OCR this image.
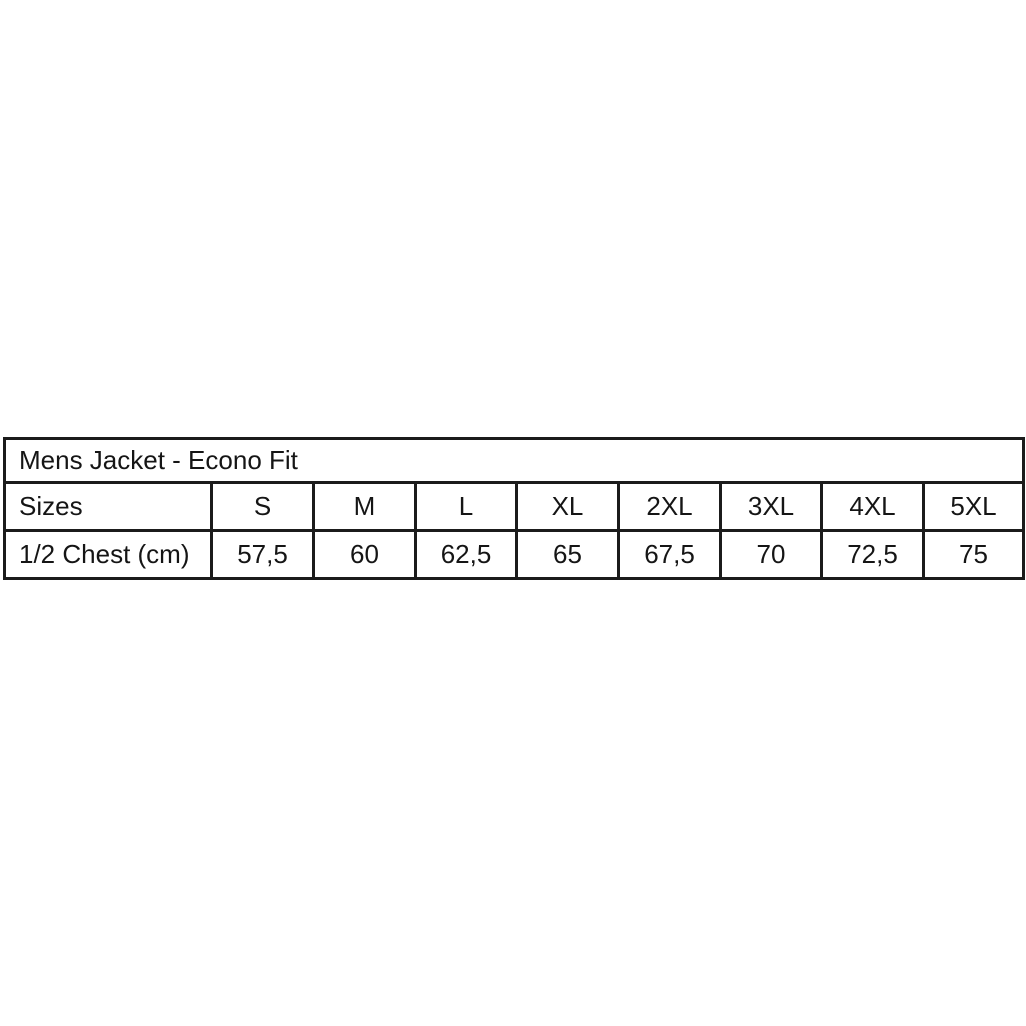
Mens Jacket - Econo Fit								
Sizes	S	M	L	XL	2XL	3XL	4XL	5XL
1/2 Chest (cm)	57,5	60	62,5	65	67,5	70	72,5	75
